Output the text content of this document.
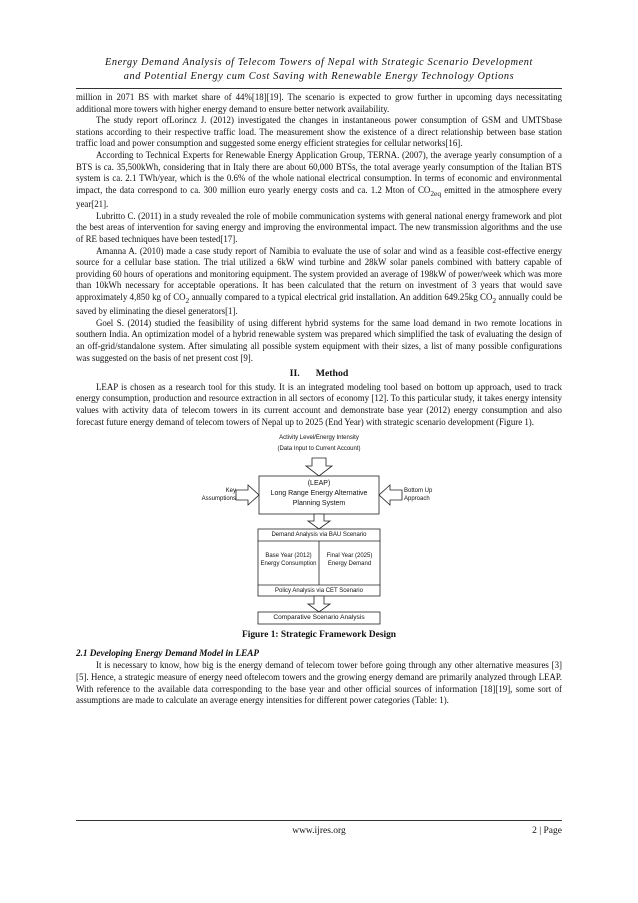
Energy Demand Analysis of Telecom Towers of Nepal with Strategic Scenario Development
and Potential Energy cum Cost Saving with Renewable Energy Technology Options

million in 2071 BS with market share of 44%[18][19]. The scenario is expected to grow further in upcoming days necessitating additional more towers with higher energy demand to ensure better network availability.

The study report ofLorincz J. (2012) investigated the changes in instantaneous power consumption of GSM and UMTSbase stations according to their respective traffic load. The measurement show the existence of a direct relationship between base station traffic load and power consumption and suggested some energy efficient strategies for cellular networks[16].

According to Technical Experts for Renewable Energy Application Group, TERNA. (2007), the average yearly consumption of a BTS is ca. 35,500kWh, considering that in Italy there are about 60,000 BTSs, the total average yearly consumption of the Italian BTS system is ca. 2.1 TWh/year, which is the 0.6% of the whole national electrical consumption. In terms of economic and environmental impact, the data correspond to ca. 300 million euro yearly energy costs and ca. 1.2 Mton of $CO_{2eq}$ emitted in the atmosphere every year[21].

Lubritto C. (2011) in a study revealed the role of mobile communication systems with general national energy framework and plot the best areas of intervention for saving energy and improving the environmental impact. The new transmission algorithms and the use of RE based techniques have been tested[17].

Amanna A. (2010) made a case study report of Namibia to evaluate the use of solar and wind as a feasible cost-effective energy source for a cellular base station. The trial utilized a 6kW wind turbine and 28kW solar panels combined with battery capable of providing 60 hours of operations and monitoring equipment. The system provided an average of 198kW of power/week which was more than 10kWh necessary for acceptable operations. It has been calculated that the return on investment of 3 years that would save approximately 4,850 kg of $CO_2$ annually compared to a typical electrical grid installation. An addition 649.25kg $CO_2$ annually could be saved by eliminating the diesel generators[1].

Goel S. (2014) studied the feasibility of using different hybrid systems for the same load demand in two remote locations in southern India. An optimization model of a hybrid renewable system was prepared which simplified the task of evaluating the design of an off-grid/standalone system. After simulating all possible system equipment with their sizes, a list of many possible configurations was suggested on the basis of net present cost [9].

II. Method

LEAP is chosen as a research tool for this study. It is an integrated modeling tool based on bottom up approach, used to track energy consumption, production and resource extraction in all sectors of economy [12]. To this particular study, it takes energy intensity values with activity data of telecom towers in its current account and demonstrate base year (2012) energy consumption and also forecast future energy demand of telecom towers of Nepal up to 2025 (End Year) with strategic scenario development (Figure 1).

Activity Level/Energy Intensity
(Data Input to Current Account)
(LEAP)
Long Range Energy Alternative
Planning System
Key
Assumptions
Bottom Up
Approach
Demand Analysis via BAU Scenario
Base Year (2012)
Energy Consumption
Final Year (2025)
Energy Demand
Policy Analysis via CET Scenario
Comparative Scenario Analysis
Figure 1: Strategic Framework Design
2.1 Developing Energy Demand Model in LEAP

It is necessary to know, how big is the energy demand of telecom tower before going through any other alternative measures [3][5]. Hence, a strategic measure of energy need oftelecom towers and the growing energy demand are primarily analyzed through LEAP. With reference to the available data corresponding to the base year and other official sources of information [18][19], some sort of assumptions are made to calculate an average energy intensities for different power categories (Table: 1).

www.ijres.org	2 | Page
